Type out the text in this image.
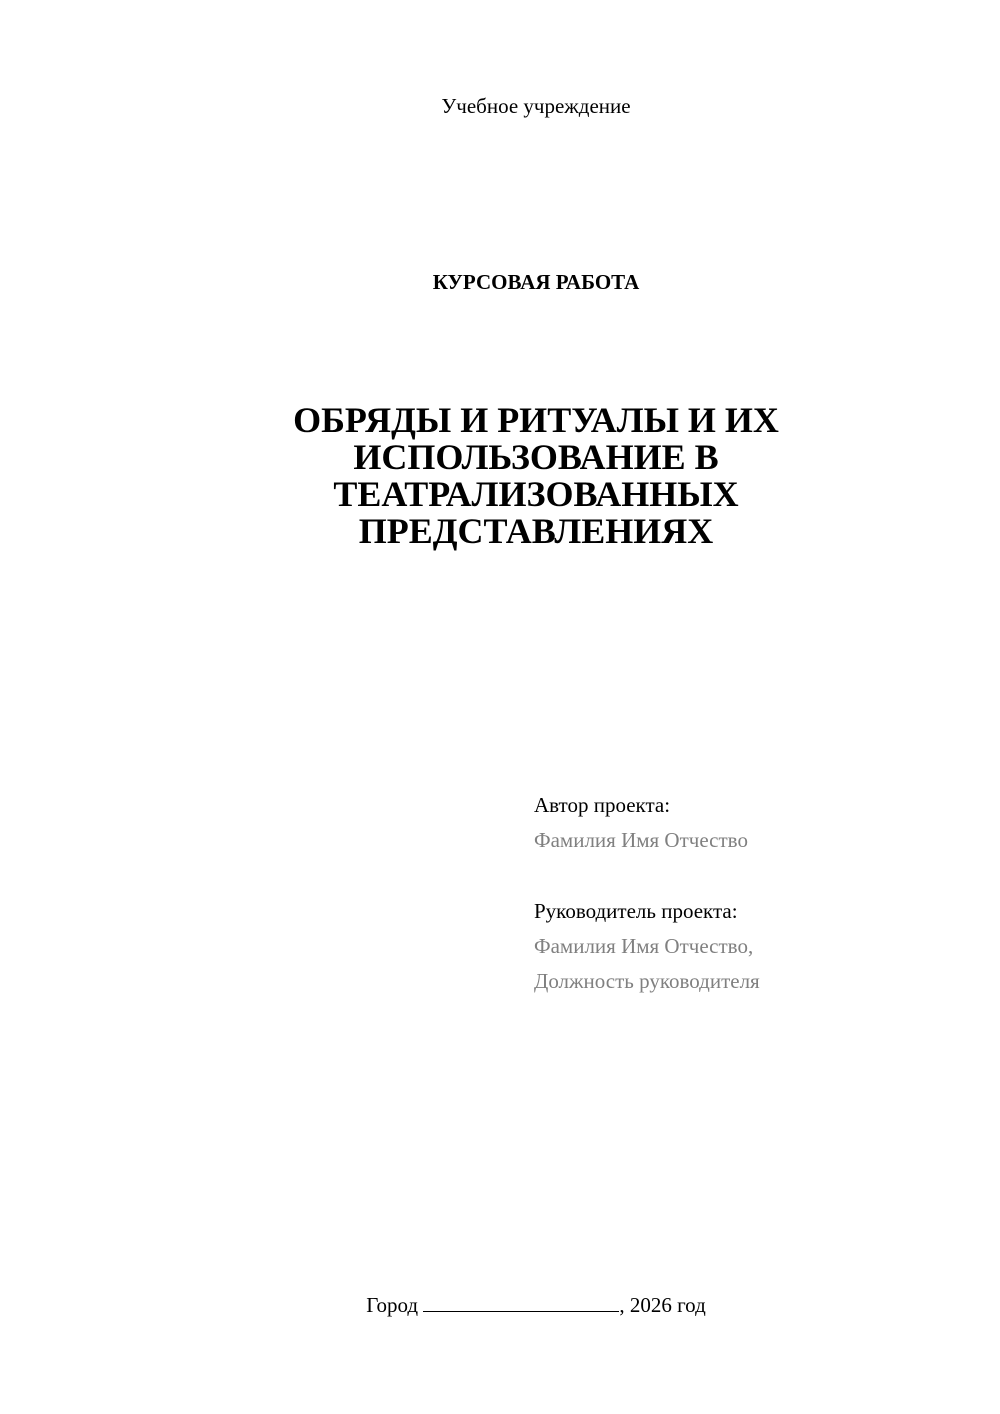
Учебное учреждение
КУРСОВАЯ РАБОТА
ОБРЯДЫ И РИТУАЛЫ И ИХ
ИСПОЛЬЗОВАНИЕ В
ТЕАТРАЛИЗОВАННЫХ
ПРЕДСТАВЛЕНИЯХ
Автор проекта:
Фамилия Имя Отчество
Руководитель проекта:
Фамилия Имя Отчество,
Должность руководителя
Город	, 2026 год
